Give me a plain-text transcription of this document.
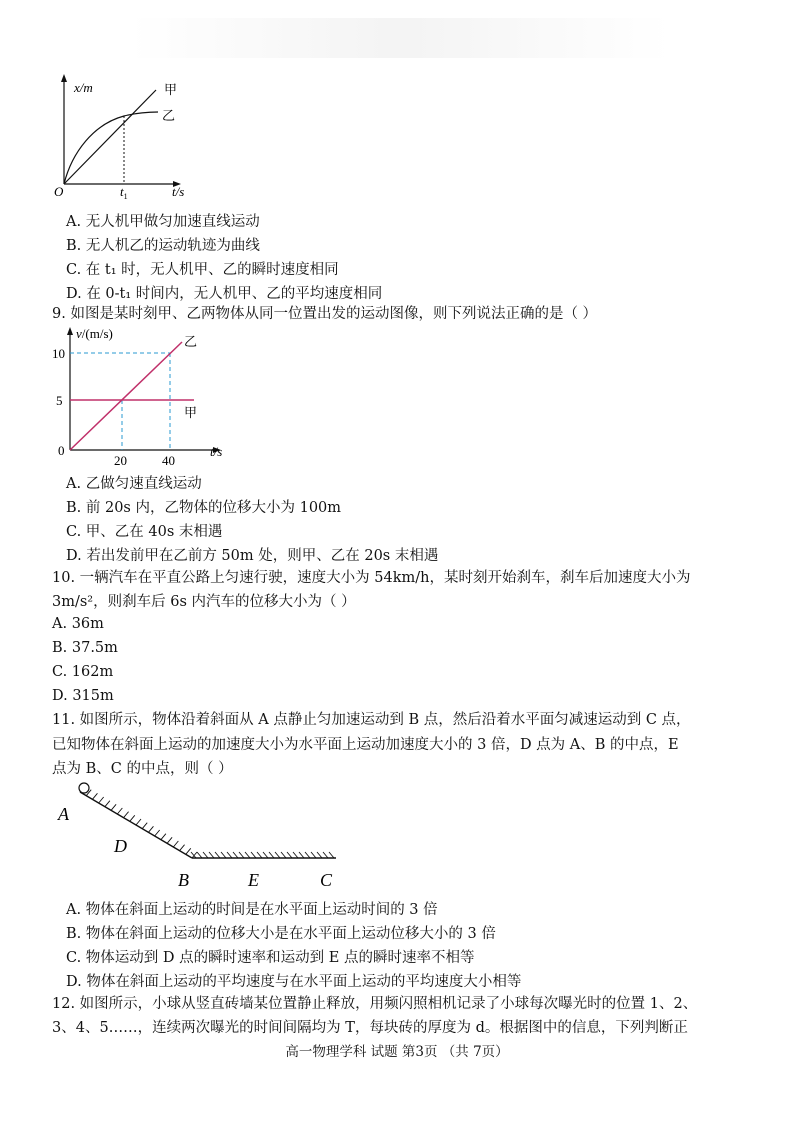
x/m
t/s
O	$t_1$
甲
乙
A. 无人机甲做匀加速直线运动
B. 无人机乙的运动轨迹为曲线
C. 在 t₁ 时，无人机甲、乙的瞬时速度相同
D. 在 0-t₁ 时间内，无人机甲、乙的平均速度相同
9. 如图是某时刻甲、乙两物体从同一位置出发的运动图像，则下列说法正确的是（ ）
v/(m/s)
t/s
10
5
0
20	40
乙
甲
A. 乙做匀速直线运动
B. 前 20s 内，乙物体的位移大小为 100m
C. 甲、乙在 40s 末相遇
D. 若出发前甲在乙前方 50m 处，则甲、乙在 20s 末相遇
10. 一辆汽车在平直公路上匀速行驶，速度大小为 54km/h，某时刻开始刹车，刹车后加速度大小为
3m/s²，则刹车后 6s 内汽车的位移大小为（ ）
A. 36m
B. 37.5m
C. 162m
D. 315m
11. 如图所示，物体沿着斜面从 A 点静止匀加速运动到 B 点，然后沿着水平面匀减速运动到 C 点，
已知物体在斜面上运动的加速度大小为水平面上运动加速度大小的 3 倍，D 点为 A、B 的中点，E
点为 B、C 的中点，则（ ）
A
D
B	E	C
A. 物体在斜面上运动的时间是在水平面上运动时间的 3 倍
B. 物体在斜面上运动的位移大小是在水平面上运动位移大小的 3 倍
C. 物体运动到 D 点的瞬时速率和运动到 E 点的瞬时速率不相等
D. 物体在斜面上运动的平均速度与在水平面上运动的平均速度大小相等
12. 如图所示，小球从竖直砖墙某位置静止释放，用频闪照相机记录了小球每次曝光时的位置 1、2、
3、4、5……，连续两次曝光的时间间隔均为 T，每块砖的厚度为 d。根据图中的信息，下列判断正
高一物理学科 试题 第3页 （共 7页）
